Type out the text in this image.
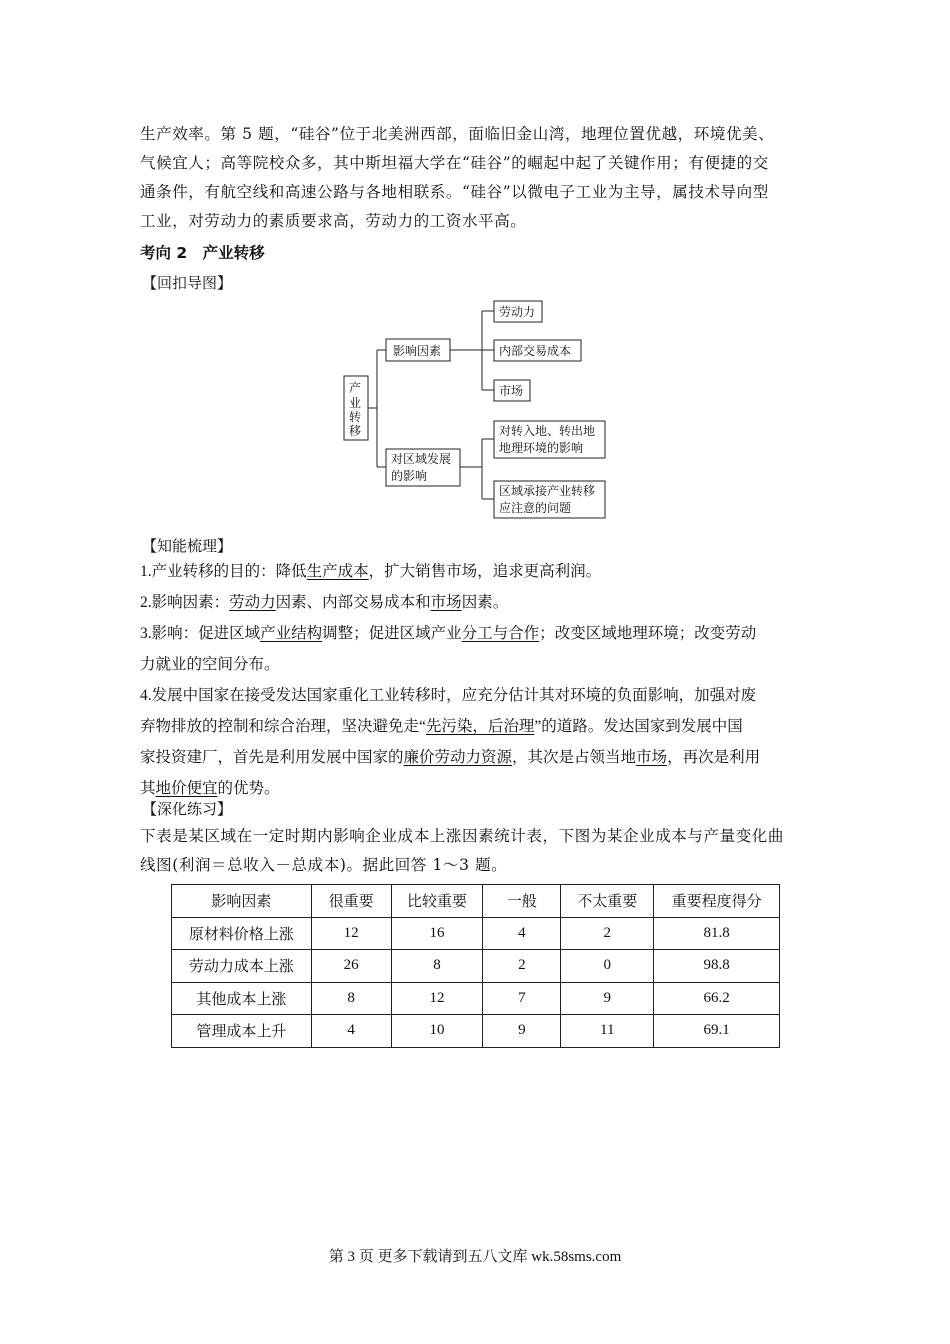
生产效率。第 5 题，“硅谷”位于北美洲西部，面临旧金山湾，地理位置优越，环境优美、
气候宜人；高等院校众多，其中斯坦福大学在“硅谷”的崛起中起了关键作用；有便捷的交
通条件，有航空线和高速公路与各地相联系。“硅谷”以微电子工业为主导，属技术导向型
工业，对劳动力的素质要求高，劳动力的工资水平高。
考向 2　产业转移
【回扣导图】
产
业
转
移
影响因素
劳动力
内部交易成本
市场
对区域发展
的影响
对转入地、转出地
地理环境的影响
区域承接产业转移
应注意的问题
【知能梳理】
1.产业转移的目的：降低生产成本，扩大销售市场，追求更高利润。
2.影响因素：劳动力因素、内部交易成本和市场因素。
3.影响：促进区域产业结构调整；促进区域产业分工与合作；改变区域地理环境；改变劳动
力就业的空间分布。
4.发展中国家在接受发达国家重化工业转移时，应充分估计其对环境的负面影响，加强对废
弃物排放的控制和综合治理，坚决避免走“先污染，后治理”的道路。发达国家到发展中国
家投资建厂，首先是利用发展中国家的廉价劳动力资源，其次是占领当地市场，再次是利用
其地价便宜的优势。
【深化练习】
下表是某区域在一定时期内影响企业成本上涨因素统计表，下图为某企业成本与产量变化曲
线图(利润＝总收入－总成本)。据此回答 1～3 题。
影响因素	很重要	比较重要	一般	不太重要	重要程度得分
原材料价格上涨	12	16	4	2	81.8
劳动力成本上涨	26	8	2	0	98.8
其他成本上涨	8	12	7	9	66.2
管理成本上升	4	10	9	11	69.1
第 3 页 更多下载请到五八文库 wk.58sms.com
